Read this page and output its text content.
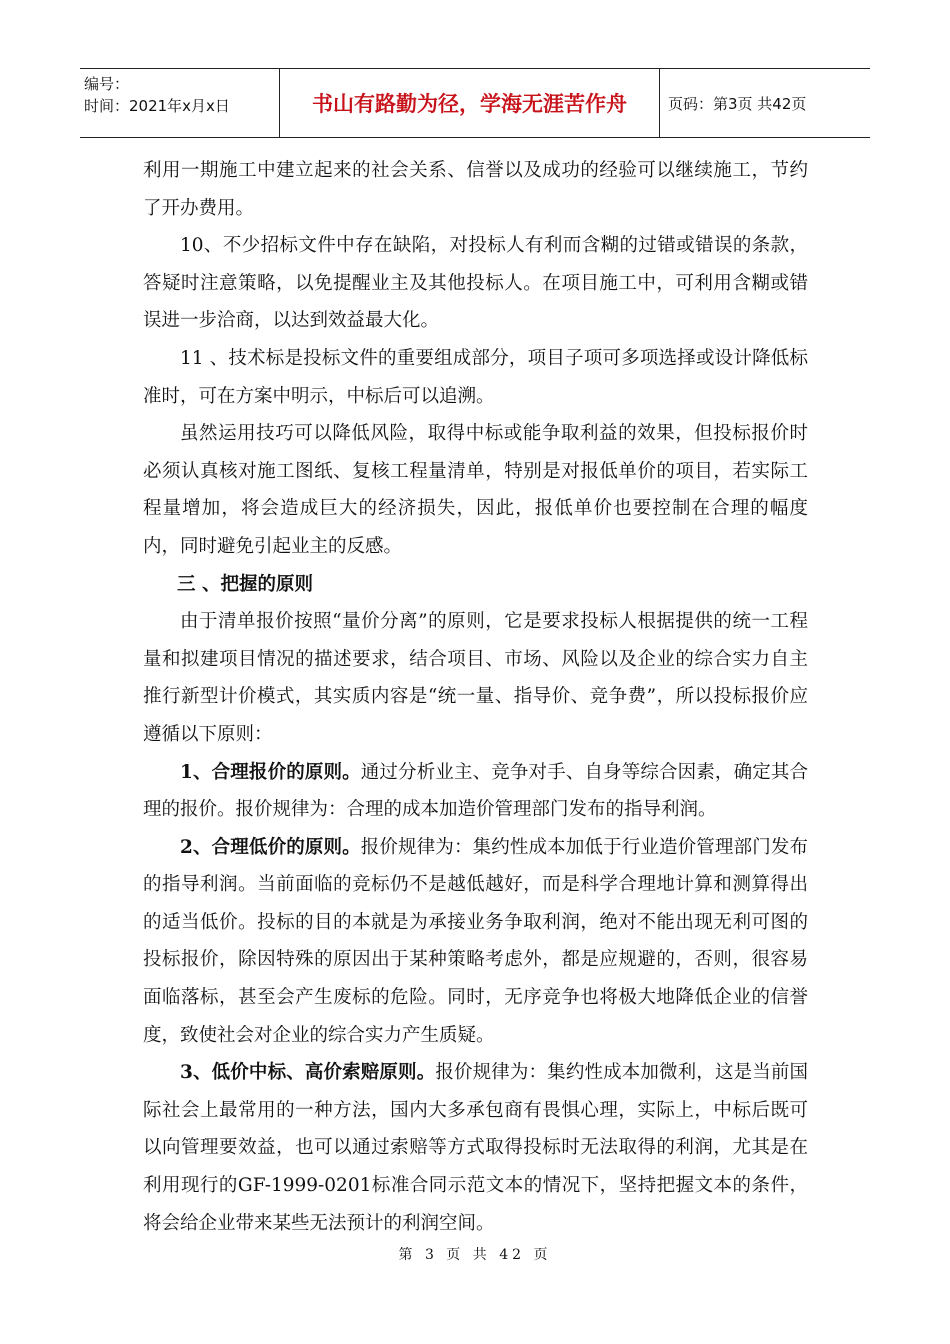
编号：
时间：2021年x月x日	书山有路勤为径，学海无涯苦作舟	页码：第3页 共42页

利用一期施工中建立起来的社会关系、信誉以及成功的经验可以继续施工，节约了开办费用。

10、不少招标文件中存在缺陷，对投标人有利而含糊的过错或错误的条款，答疑时注意策略，以免提醒业主及其他投标人。在项目施工中，可利用含糊或错误进一步洽商，以达到效益最大化。

11 、技术标是投标文件的重要组成部分，项目子项可多项选择或设计降低标准时，可在方案中明示，中标后可以追溯。

虽然运用技巧可以降低风险，取得中标或能争取利益的效果，但投标报价时必须认真核对施工图纸、复核工程量清单，特别是对报低单价的项目，若实际工程量增加，将会造成巨大的经济损失，因此，报低单价也要控制在合理的幅度内，同时避免引起业主的反感。

三 、把握的原则

由于清单报价按照“量价分离”的原则，它是要求投标人根据提供的统一工程量和拟建项目情况的描述要求，结合项目、市场、风险以及企业的综合实力自主推行新型计价模式，其实质内容是“统一量、指导价、竞争费”，所以投标报价应遵循以下原则：

1、合理报价的原则。通过分析业主、竞争对手、自身等综合因素，确定其合理的报价。报价规律为：合理的成本加造价管理部门发布的指导利润。

2、合理低价的原则。报价规律为：集约性成本加低于行业造价管理部门发布的指导利润。当前面临的竞标仍不是越低越好，而是科学合理地计算和测算得出的适当低价。投标的目的本就是为承接业务争取利润，绝对不能出现无利可图的投标报价，除因特殊的原因出于某种策略考虑外，都是应规避的，否则，很容易面临落标，甚至会产生废标的危险。同时，无序竞争也将极大地降低企业的信誉度，致使社会对企业的综合实力产生质疑。

3、低价中标、高价索赔原则。报价规律为：集约性成本加微利，这是当前国际社会上最常用的一种方法，国内大多承包商有畏惧心理，实际上，中标后既可以向管理要效益，也可以通过索赔等方式取得投标时无法取得的利润，尤其是在利用现行的GF-1999-0201标准合同示范文本的情况下，坚持把握文本的条件，将会给企业带来某些无法预计的利润空间。

第 3 页 共 42 页
